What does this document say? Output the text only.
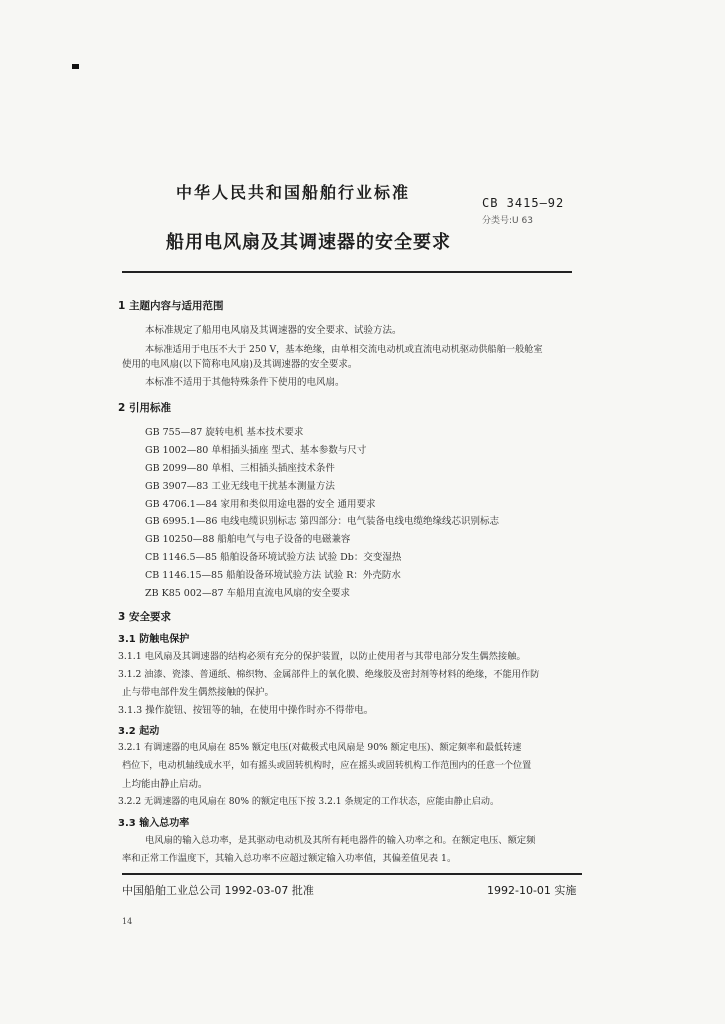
中华人民共和国船舶行业标准
CB 3415—92
分类号:U 63
船用电风扇及其调速器的安全要求
1 主题内容与适用范围
本标准规定了船用电风扇及其调速器的安全要求、试验方法。
本标准适用于电压不大于 250 V，基本绝缘，由单相交流电动机或直流电动机驱动供船舶一般舱室
使用的电风扇(以下简称电风扇)及其调速器的安全要求。
本标准不适用于其他特殊条件下使用的电风扇。
2 引用标准
GB 755—87 旋转电机 基本技术要求
GB 1002—80 单相插头插座 型式、基本参数与尺寸
GB 2099—80 单相、三相插头插座技术条件
GB 3907—83 工业无线电干扰基本测量方法
GB 4706.1—84 家用和类似用途电器的安全 通用要求
GB 6995.1—86 电线电缆识别标志 第四部分：电气装备电线电缆绝缘线芯识别标志
GB 10250—88 船舶电气与电子设备的电磁兼容
CB 1146.5—85 船舶设备环境试验方法 试验 Db：交变湿热
CB 1146.15—85 船舶设备环境试验方法 试验 R：外壳防水
ZB K85 002—87 车船用直流电风扇的安全要求
3 安全要求
3.1 防触电保护
3.1.1 电风扇及其调速器的结构必须有充分的保护装置，以防止使用者与其带电部分发生偶然接触。
3.1.2 油漆、瓷漆、普通纸、棉织物、金属部件上的氧化膜、绝缘胶及密封剂等材料的绝缘，不能用作防
止与带电部件发生偶然接触的保护。
3.1.3 操作旋钮、按钮等的轴，在使用中操作时亦不得带电。
3.2 起动
3.2.1 有调速器的电风扇在 85% 额定电压(对截极式电风扇是 90% 额定电压)、额定频率和最低转速
档位下，电动机轴线成水平，如有摇头或固转机构时，应在摇头或固转机构工作范围内的任意一个位置
上均能由静止启动。
3.2.2 无调速器的电风扇在 80% 的额定电压下按 3.2.1 条规定的工作状态，应能由静止启动。
3.3 输入总功率
电风扇的输入总功率，是其驱动电动机及其所有耗电器件的输入功率之和。在额定电压、额定频
率和正常工作温度下，其输入总功率不应超过额定输入功率值，其偏差值见表 1。
中国船舶工业总公司 1992-03-07 批准	1992-10-01 实施
14
